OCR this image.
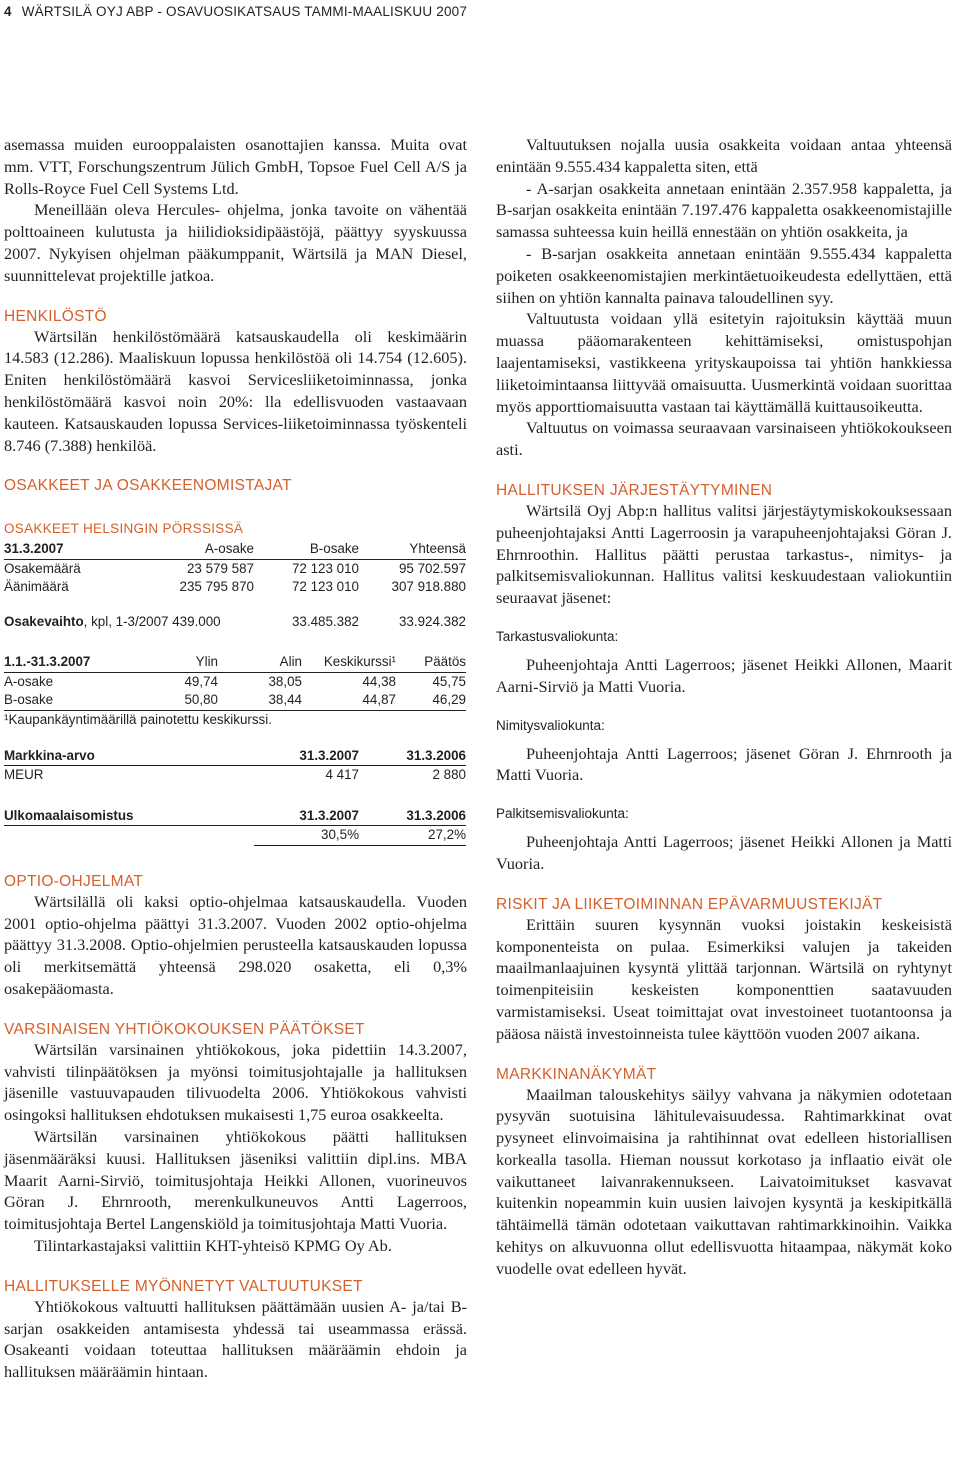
4 WÄRTSILÄ OYJ ABP - OSAVUOSIKATSAUS TAMMI-MAALISKUU 2007

asemassa muiden eurooppalaisten osanottajien kanssa. Muita ovat mm. VTT, Forschungszentrum Jülich GmbH, Topsoe Fuel Cell A/S ja Rolls-Royce Fuel Cell Systems Ltd.

Meneillään oleva Hercules- ohjelma, jonka tavoite on vähentää polttoaineen kulutusta ja hiilidioksidipäästöjä, päättyy syyskuussa 2007. Nykyisen ohjelman pääkumppanit, Wärtsilä ja MAN Diesel, suunnittelevat projektille jatkoa.

HENKILÖSTÖ

Wärtsilän henkilöstömäärä katsauskaudella oli keskimäärin 14.583 (12.286). Maaliskuun lopussa henkilöstöä oli 14.754 (12.605). Eniten henkilöstömäärä kasvoi Servicesliiketoiminnassa, jonka henkilöstömäärä kasvoi noin 20%: lla edellisvuoden vastaavaan kauteen. Katsauskauden lopussa Services-liiketoiminnassa työskenteli 8.746 (7.388) henkilöä.

OSAKKEET JA OSAKKEENOMISTAJAT
OSAKKEET HELSINGIN PÖRSSISSÄ
31.3.2007	A-osake	B-osake	Yhteensä
Osakemäärä	23 579 587	72 123 010	95 702.597
Äänimäärä	235 795 870	72 123 010	307 918.880
Osakevaihto, kpl, 1-3/2007 439.000	33.485.382	33.924.382
1.1.-31.3.2007	Ylin	Alin	Keskikurssi¹	Päätös
A-osake	49,74	38,05	44,38	45,75
B-osake	50,80	38,44	44,87	46,29
¹Kaupankäyntimäärillä painotettu keskikurssi.
Markkina-arvo	31.3.2007	31.3.2006
MEUR	4 417	2 880
Ulkomaalaisomistus	31.3.2007	31.3.2006
	30,5%	27,2%
OPTIO-OHJELMAT

Wärtsilällä oli kaksi optio-ohjelmaa katsauskaudella. Vuoden 2001 optio-ohjelma päättyi 31.3.2007. Vuoden 2002 optio-ohjelma päättyy 31.3.2008. Optio-ohjelmien perusteella katsauskauden lopussa oli merkitsemättä yhteensä 298.020 osaketta, eli 0,3% osakepääomasta.

VARSINAISEN YHTIÖKOKOUKSEN PÄÄTÖKSET

Wärtsilän varsinainen yhtiökokous, joka pidettiin 14.3.2007, vahvisti tilinpäätöksen ja myönsi toimitusjohtajalle ja hallituksen jäsenille vastuuvapauden tilivuodelta 2006. Yhtiökokous vahvisti osingoksi hallituksen ehdotuksen mukaisesti 1,75 euroa osakkeelta.

Wärtsilän varsinainen yhtiökokous päätti hallituksen jäsenmääräksi kuusi. Hallituksen jäseniksi valittiin dipl.ins. MBA Maarit Aarni-Sirviö, toimitusjohtaja Heikki Allonen, vuorineuvos Göran J. Ehrnrooth, merenkulkuneuvos Antti Lagerroos, toimitusjohtaja Bertel Langenskiöld ja toimitusjohtaja Matti Vuoria.

Tilintarkastajaksi valittiin KHT-yhteisö KPMG Oy Ab.

HALLITUKSELLE MYÖNNETYT VALTUUTUKSET

Yhtiökokous valtuutti hallituksen päättämään uusien A- ja/tai B-sarjan osakkeiden antamisesta yhdessä tai useammassa erässä. Osakeanti voidaan toteuttaa hallituksen määräämin ehdoin ja hallituksen määräämin hintaan.

Valtuutuksen nojalla uusia osakkeita voidaan antaa yhteensä enintään 9.555.434 kappaletta siten, että

- A-sarjan osakkeita annetaan enintään 2.357.958 kappaletta, ja B-sarjan osakkeita enintään 7.197.476 kappaletta osakkeenomistajille samassa suhteessa kuin heillä ennestään on yhtiön osakkeita, ja

- B-sarjan osakkeita annetaan enintään 9.555.434 kappaletta poiketen osakkeenomistajien merkintäetuoikeudesta edellyttäen, että siihen on yhtiön kannalta painava taloudellinen syy.

Valtuutusta voidaan yllä esitetyin rajoituksin käyttää muun muassa pääomarakenteen kehittämiseksi, omistuspohjan laajentamiseksi, vastikkeena yrityskaupoissa tai yhtiön hankkiessa liiketoimintaansa liittyvää omaisuutta. Uusmerkintä voidaan suorittaa myös apporttiomaisuutta vastaan tai käyttämällä kuittausoikeutta.

Valtuutus on voimassa seuraavaan varsinaiseen yhtiökokoukseen asti.

HALLITUKSEN JÄRJESTÄYTYMINEN

Wärtsilä Oyj Abp:n hallitus valitsi järjestäytymiskokouksessaan puheenjohtajaksi Antti Lagerroosin ja varapuheenjohtajaksi Göran J. Ehrnroothin. Hallitus päätti perustaa tarkastus-, nimitys- ja palkitsemisvaliokunnan. Hallitus valitsi keskuudestaan valiokuntiin seuraavat jäsenet:

Tarkastusvaliokunta:

Puheenjohtaja Antti Lagerroos; jäsenet Heikki Allonen, Maarit Aarni-Sirviö ja Matti Vuoria.

Nimitysvaliokunta:

Puheenjohtaja Antti Lagerroos; jäsenet Göran J. Ehrnrooth ja Matti Vuoria.

Palkitsemisvaliokunta:

Puheenjohtaja Antti Lagerroos; jäsenet Heikki Allonen ja Matti Vuoria.

RISKIT JA LIIKETOIMINNAN EPÄVARMUUSTEKIJÄT

Erittäin suuren kysynnän vuoksi joistakin keskeisistä komponenteista on pulaa. Esimerkiksi valujen ja takeiden maailmanlaajuinen kysyntä ylittää tarjonnan. Wärtsilä on ryhtynyt toimenpiteisiin keskeisten komponenttien saatavuuden varmistamiseksi. Useat toimittajat ovat investoineet tuotantoonsa ja pääosa näistä investoinneista tulee käyttöön vuoden 2007 aikana.

MARKKINANÄKYMÄT

Maailman talouskehitys säilyy vahvana ja näkymien odotetaan pysyvän suotuisina lähitulevaisuudessa. Rahtimarkkinat ovat pysyneet elinvoimaisina ja rahtihinnat ovat edelleen historiallisen korkealla tasolla. Hieman noussut korkotaso ja inflaatio eivät ole vaikuttaneet laivanrakennukseen. Laivatoimitukset kasvavat kuitenkin nopeammin kuin uusien laivojen kysyntä ja keskipitkällä tähtäimellä tämän odotetaan vaikuttavan rahtimarkkinoihin. Vaikka kehitys on alkuvuonna ollut edellisvuotta hitaampaa, näkymät koko vuodelle ovat edelleen hyvät.
